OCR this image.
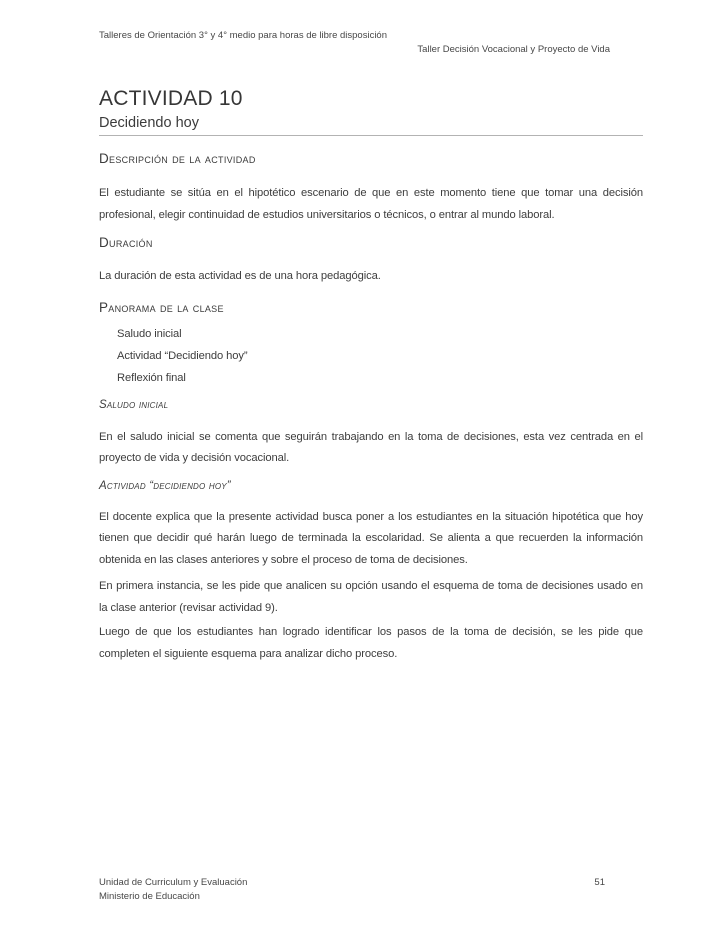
Talleres de Orientación 3° y 4° medio para horas de libre disposición
Taller Decisión Vocacional y Proyecto de Vida
ACTIVIDAD 10
Decidiendo hoy
Descripción de la actividad

El estudiante se sitúa en el hipotético escenario de que en este momento tiene que tomar una decisión profesional, elegir continuidad de estudios universitarios o técnicos, o entrar al mundo laboral.

Duración

La duración de esta actividad es de una hora pedagógica.

Panorama de la clase
Saludo inicial
Actividad “Decidiendo hoy”
Reflexión final
Saludo inicial

En el saludo inicial se comenta que seguirán trabajando en la toma de decisiones, esta vez centrada en el proyecto de vida y decisión vocacional.

Actividad “decidiendo hoy”

El docente explica que la presente actividad busca poner a los estudiantes en la situación hipotética que hoy tienen que decidir qué harán luego de terminada la escolaridad. Se alienta a que recuerden la información obtenida en las clases anteriores y sobre el proceso de toma de decisiones.

En primera instancia, se les pide que analicen su opción usando el esquema de toma de decisiones usado en la clase anterior (revisar actividad 9).

Luego de que los estudiantes han logrado identificar los pasos de la toma de decisión, se les pide que completen el siguiente esquema para analizar dicho proceso.

Unidad de Curriculum y Evaluación
Ministerio de Educación
51
